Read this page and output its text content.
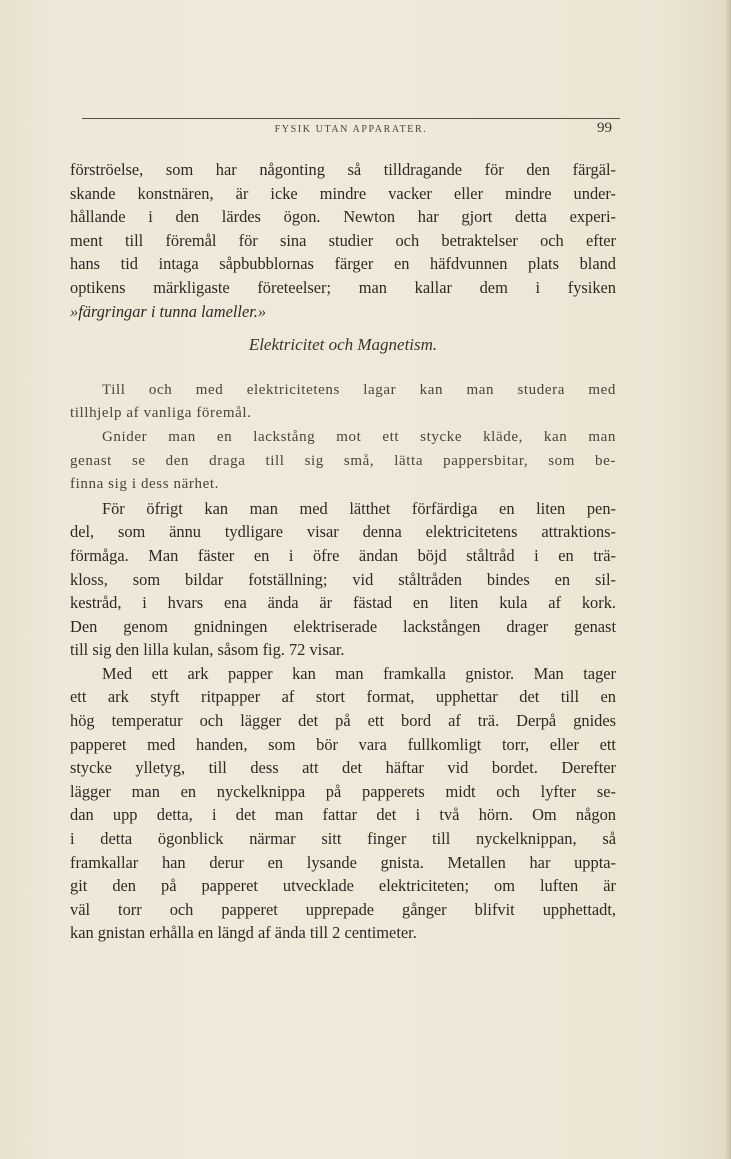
FYSIK UTAN APPARATER.	99
förströelse, som har någonting så tilldragande för den färgäl-
skande konstnären, är icke mindre vacker eller mindre under-
hållande i den lärdes ögon. Newton har gjort detta experi-
ment till föremål för sina studier och betraktelser och efter
hans tid intaga såpbubblornas färger en häfdvunnen plats bland
optikens märkligaste företeelser; man kallar dem i fysiken
»färgringar i tunna lameller.»
Elektricitet och Magnetism.
Till och med elektricitetens lagar kan man studera med
tillhjelp af vanliga föremål.
Gnider man en lackstång mot ett stycke kläde, kan man
genast se den draga till sig små, lätta pappersbitar, som be-
finna sig i dess närhet.
För öfrigt kan man med lätthet förfärdiga en liten pen-
del, som ännu tydligare visar denna elektricitetens attraktions-
förmåga. Man fäster en i öfre ändan böjd ståltråd i en trä-
kloss, som bildar fotställning; vid ståltråden bindes en sil-
kestråd, i hvars ena ända är fästad en liten kula af kork.
Den genom gnidningen elektriserade lackstången drager genast
till sig den lilla kulan, såsom fig. 72 visar.
Med ett ark papper kan man framkalla gnistor. Man tager
ett ark styft ritpapper af stort format, upphettar det till en
hög temperatur och lägger det på ett bord af trä. Derpå gnides
papperet med handen, som bör vara fullkomligt torr, eller ett
stycke ylletyg, till dess att det häftar vid bordet. Derefter
lägger man en nyckelknippa på papperets midt och lyfter se-
dan upp detta, i det man fattar det i två hörn. Om någon
i detta ögonblick närmar sitt finger till nyckelknippan, så
framkallar han derur en lysande gnista. Metallen har uppta-
git den på papperet utvecklade elektriciteten; om luften är
väl torr och papperet upprepade gånger blifvit upphettadt,
kan gnistan erhålla en längd af ända till 2 centimeter.
